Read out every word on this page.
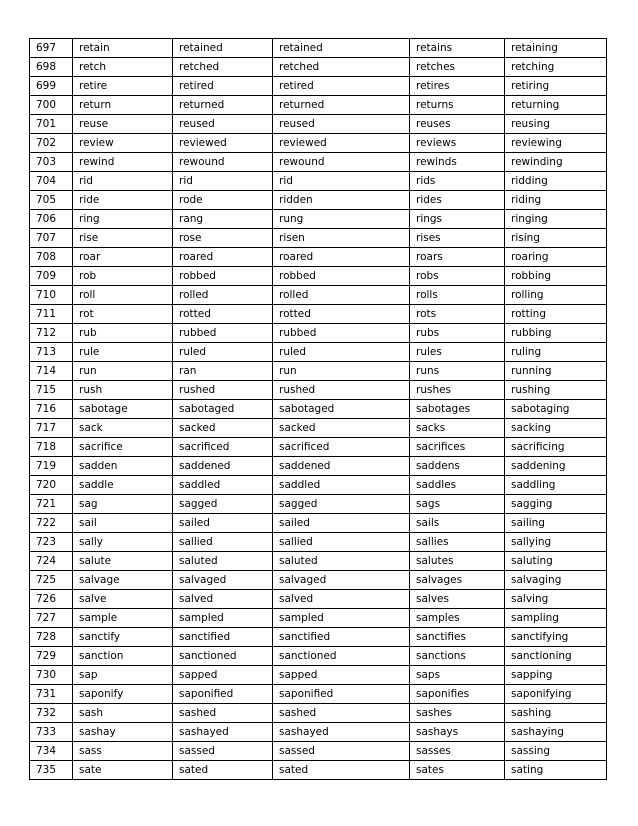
697	retain	retained	retained	retains	retaining
698	retch	retched	retched	retches	retching
699	retire	retired	retired	retires	retiring
700	return	returned	returned	returns	returning
701	reuse	reused	reused	reuses	reusing
702	review	reviewed	reviewed	reviews	reviewing
703	rewind	rewound	rewound	rewinds	rewinding
704	rid	rid	rid	rids	ridding
705	ride	rode	ridden	rides	riding
706	ring	rang	rung	rings	ringing
707	rise	rose	risen	rises	rising
708	roar	roared	roared	roars	roaring
709	rob	robbed	robbed	robs	robbing
710	roll	rolled	rolled	rolls	rolling
711	rot	rotted	rotted	rots	rotting
712	rub	rubbed	rubbed	rubs	rubbing
713	rule	ruled	ruled	rules	ruling
714	run	ran	run	runs	running
715	rush	rushed	rushed	rushes	rushing
716	sabotage	sabotaged	sabotaged	sabotages	sabotaging
717	sack	sacked	sacked	sacks	sacking
718	sacrifice	sacrificed	sacrificed	sacrifices	sacrificing
719	sadden	saddened	saddened	saddens	saddening
720	saddle	saddled	saddled	saddles	saddling
721	sag	sagged	sagged	sags	sagging
722	sail	sailed	sailed	sails	sailing
723	sally	sallied	sallied	sallies	sallying
724	salute	saluted	saluted	salutes	saluting
725	salvage	salvaged	salvaged	salvages	salvaging
726	salve	salved	salved	salves	salving
727	sample	sampled	sampled	samples	sampling
728	sanctify	sanctified	sanctified	sanctifies	sanctifying
729	sanction	sanctioned	sanctioned	sanctions	sanctioning
730	sap	sapped	sapped	saps	sapping
731	saponify	saponified	saponified	saponifies	saponifying
732	sash	sashed	sashed	sashes	sashing
733	sashay	sashayed	sashayed	sashays	sashaying
734	sass	sassed	sassed	sasses	sassing
735	sate	sated	sated	sates	sating
